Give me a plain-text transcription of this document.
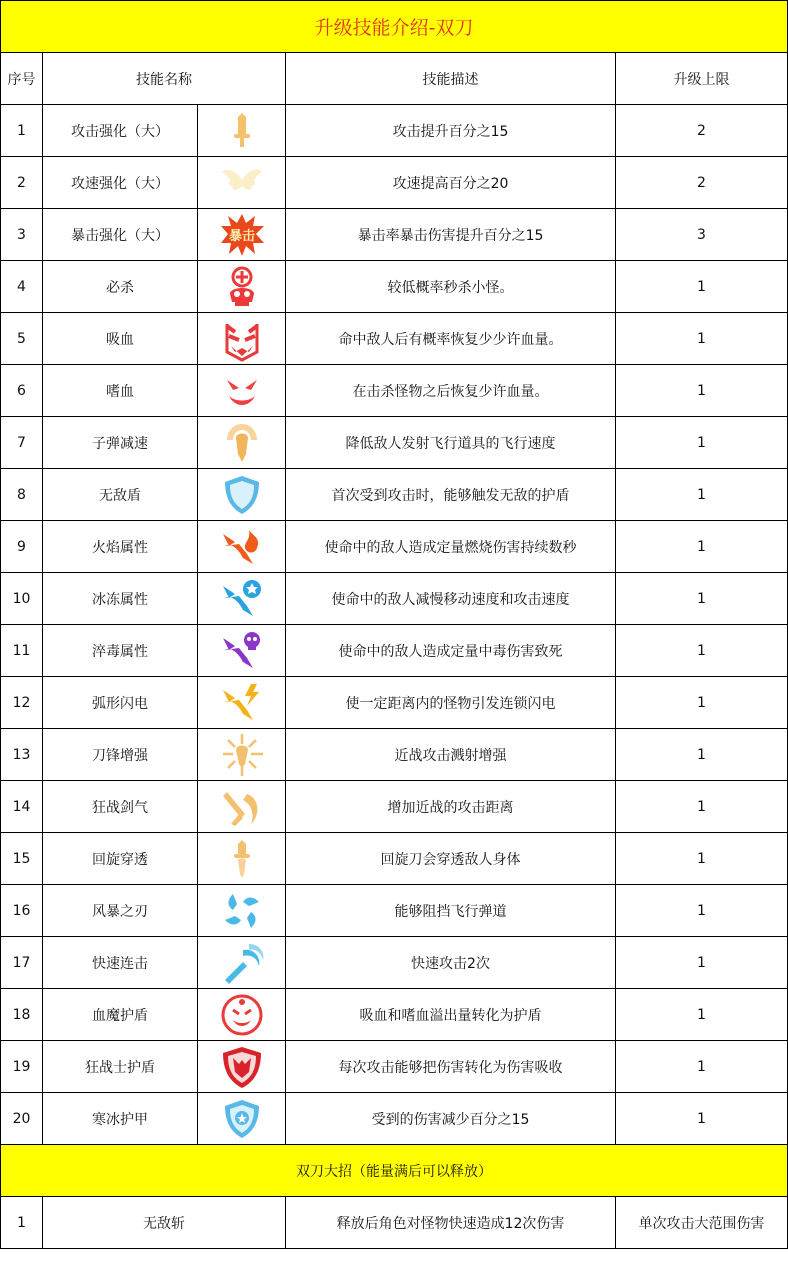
升级技能介绍-双刀				
序号	技能名称		技能描述	升级上限
1	攻击强化（大）		攻击提升百分之15	2
2	攻速强化（大）		攻速提高百分之20	2
3	暴击强化（大）	暴击	暴击率暴击伤害提升百分之15	3
4	必杀		较低概率秒杀小怪。	1
5	吸血		命中敌人后有概率恢复少少许血量。	1
6	嗜血		在击杀怪物之后恢复少许血量。	1
7	子弹减速		降低敌人发射飞行道具的飞行速度	1
8	无敌盾		首次受到攻击时，能够触发无敌的护盾	1
9	火焰属性		使命中的敌人造成定量燃烧伤害持续数秒	1
10	冰冻属性		使命中的敌人减慢移动速度和攻击速度	1
11	淬毒属性		使命中的敌人造成定量中毒伤害致死	1
12	弧形闪电		使一定距离内的怪物引发连锁闪电	1
13	刀锋增强		近战攻击溅射增强	1
14	狂战剑气		增加近战的攻击距离	1
15	回旋穿透		回旋刀会穿透敌人身体	1
16	风暴之刃		能够阻挡飞行弹道	1
17	快速连击		快速攻击2次	1
18	血魔护盾		吸血和嗜血溢出量转化为护盾	1
19	狂战士护盾		每次攻击能够把伤害转化为伤害吸收	1
20	寒冰护甲		受到的伤害减少百分之15	1
双刀大招（能量满后可以释放）				
1	无敌斩		释放后角色对怪物快速造成12次伤害	单次攻击大范围伤害
